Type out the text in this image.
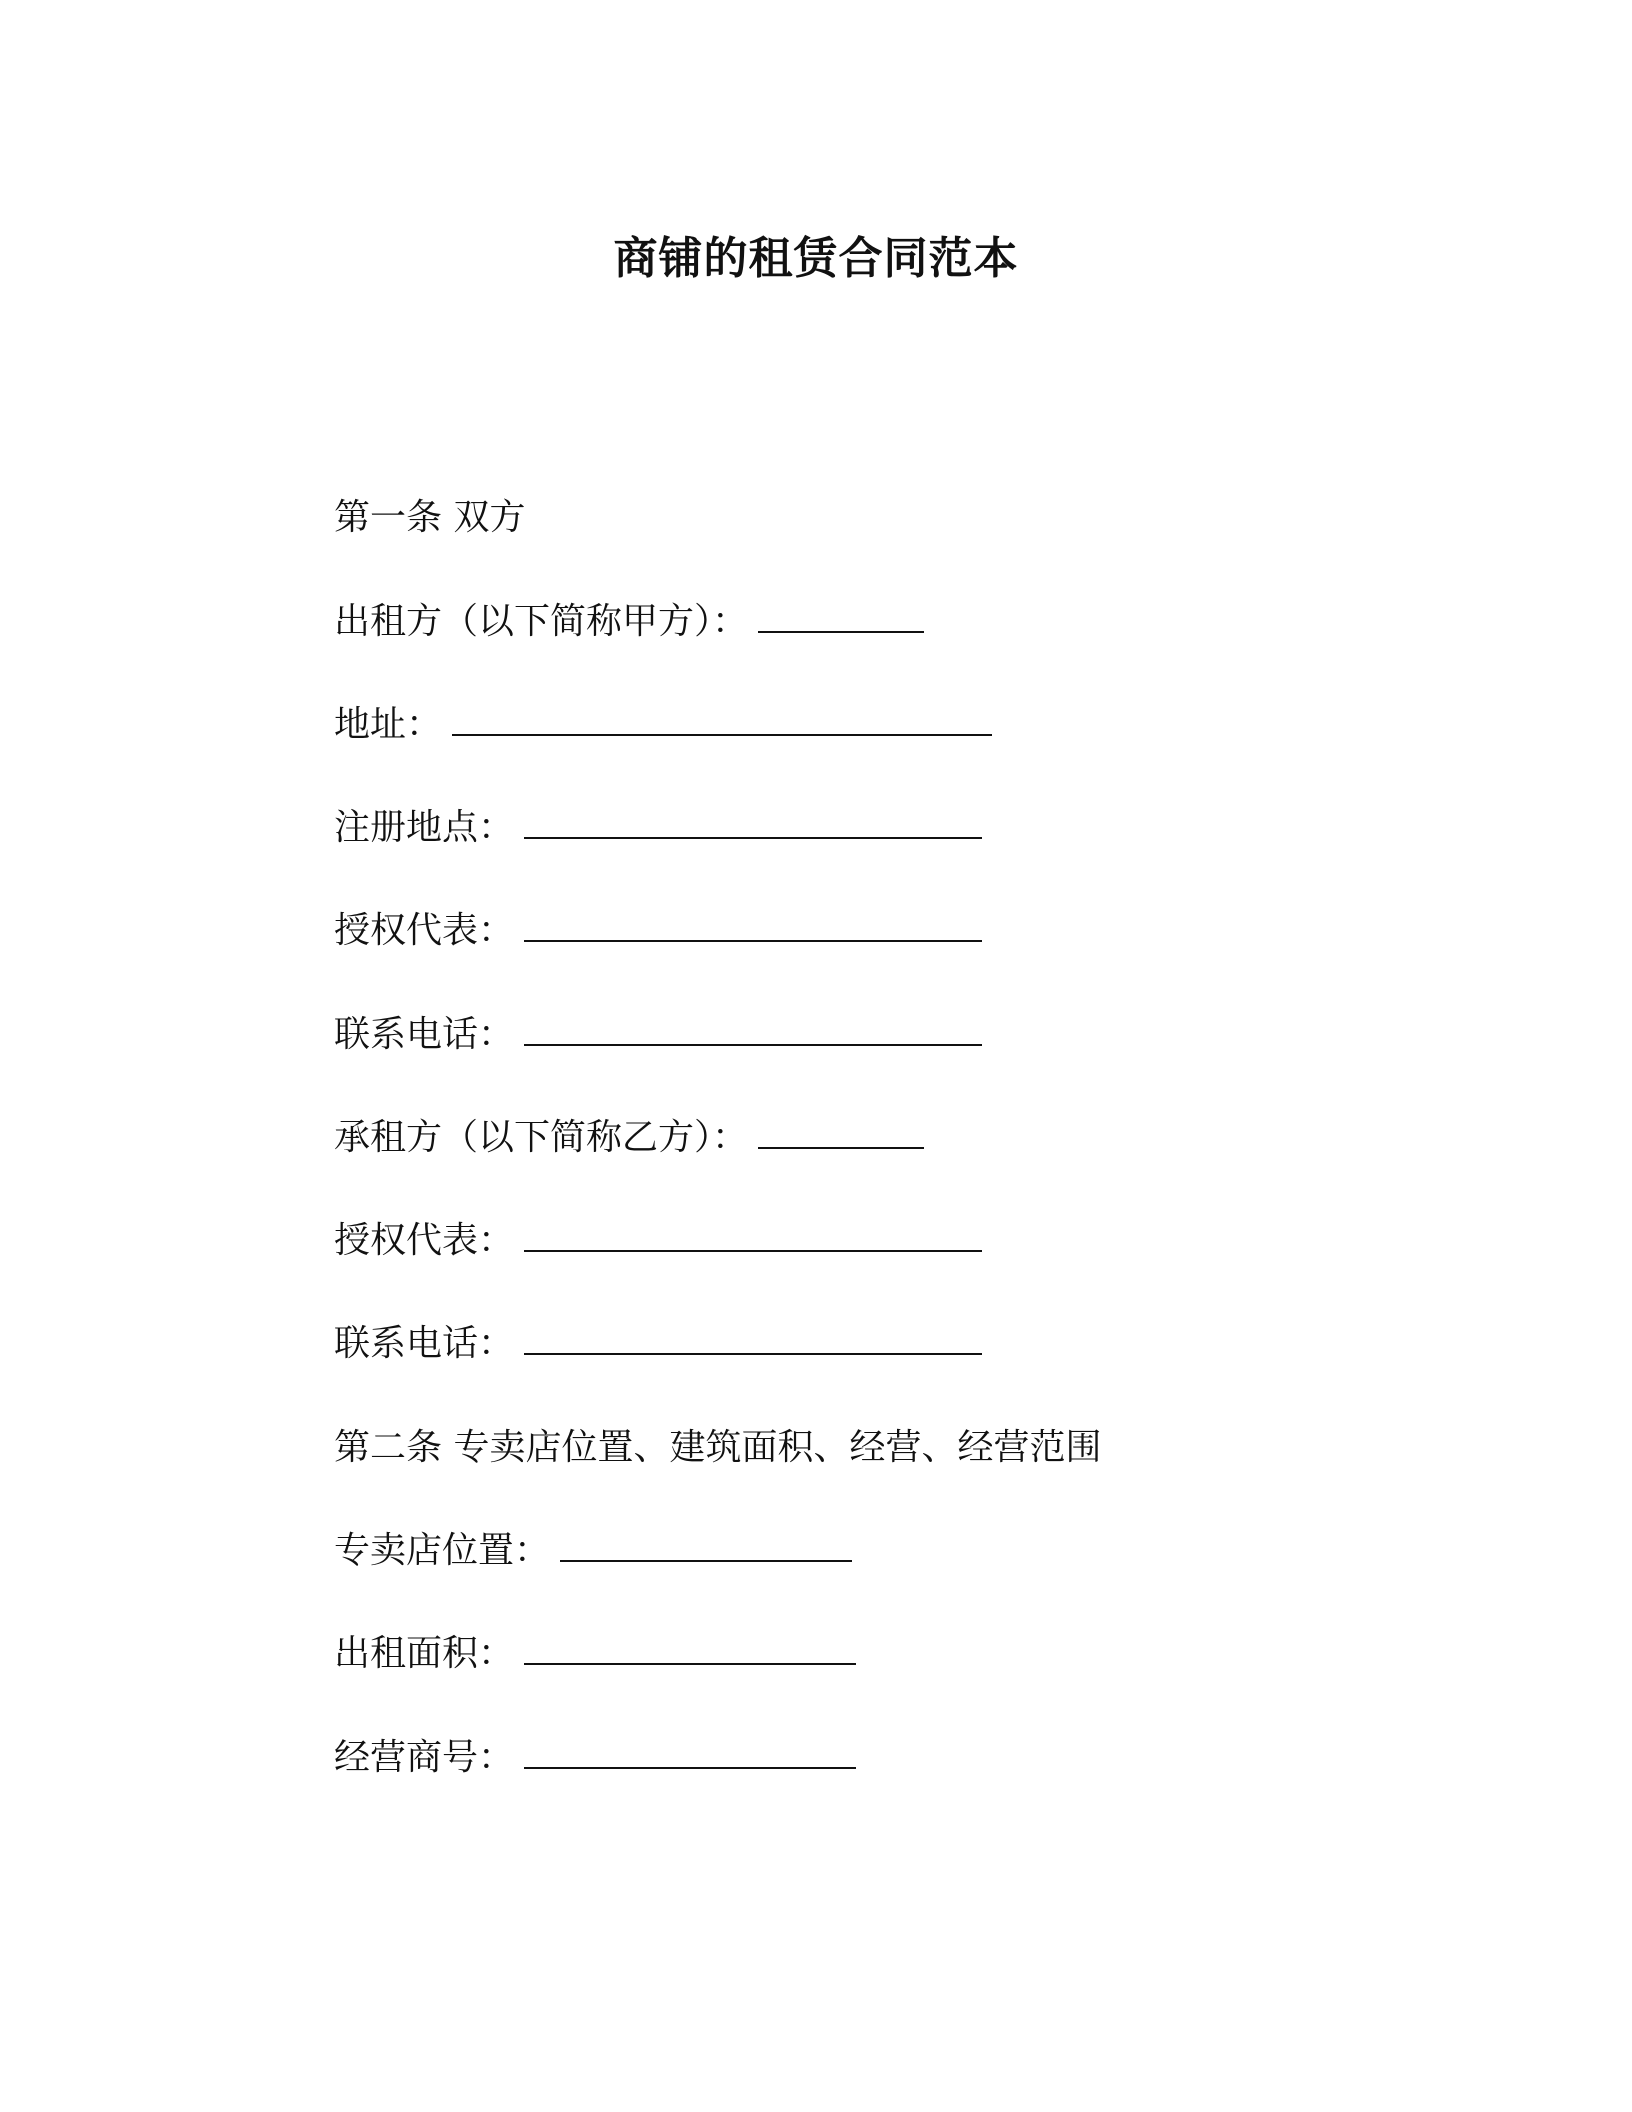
商铺的租赁合同范本
第一条 双方
出租方（以下简称甲方）：
地址：
注册地点：
授权代表：
联系电话：
承租方（以下简称乙方）：
授权代表：
联系电话：
第二条 专卖店位置、建筑面积、经营、经营范围
专卖店位置：
出租面积：
经营商号：
